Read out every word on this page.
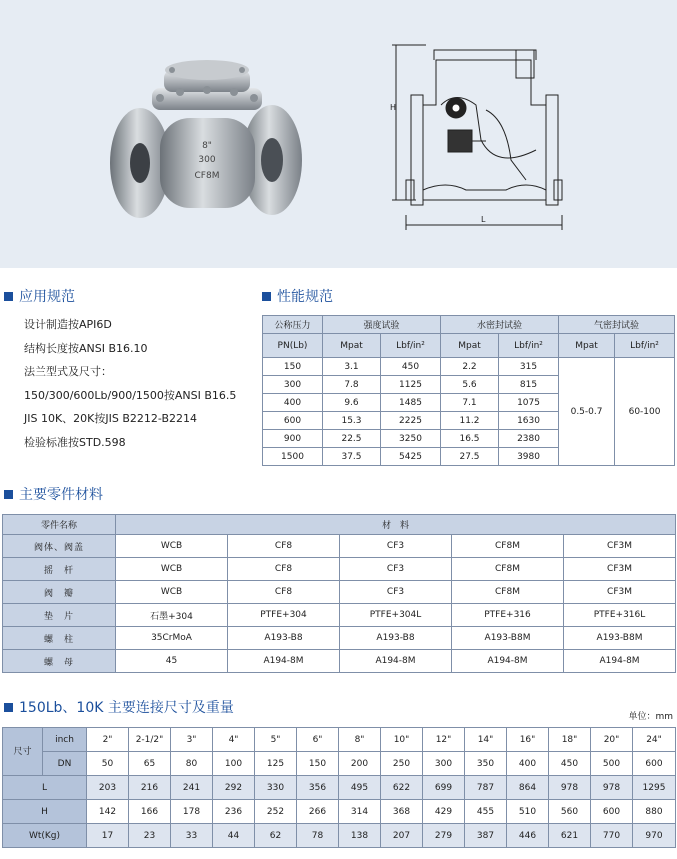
8"
300
CF8M
H
L
应用规范
设计制造按API6D
结构长度按ANSI B16.10
法兰型式及尺寸：
150/300/600Lb/900/1500按ANSI B16.5
JIS 10K、20K按JIS B2212-B2214
检验标准按STD.598
性能规范
公称压力	强度试验		水密封试验		气密封试验	
PN(Lb)	Mpat	Lbf/in²	Mpat	Lbf/in²	Mpat	Lbf/in²
150	3.1	450	2.2	315	0.5-0.7	60-100
300	7.8	1125	5.6	815		
400	9.6	1485	7.1	1075		
600	15.3	2225	11.2	1630		
900	22.5	3250	16.5	2380		
1500	37.5	5425	27.5	3980		
主要零件材料
零件名称	材　料				
阀体、阀盖	WCB	CF8	CF3	CF8M	CF3M
摇　杆	WCB	CF8	CF3	CF8M	CF3M
阀　瓣	WCB	CF8	CF3	CF8M	CF3M
垫　片	石墨+304	PTFE+304	PTFE+304L	PTFE+316	PTFE+316L
螺　柱	35CrMoA	A193-B8	A193-B8	A193-B8M	A193-B8M
螺　母	45	A194-8M	A194-8M	A194-8M	A194-8M
150Lb、10K 主要连接尺寸及重量
单位：mm
尺寸	inch	2"	2-1/2"	3"	4"	5"	6"	8"	10"	12"	14"	16"	18"	20"	24"
	DN	50	65	80	100	125	150	200	250	300	350	400	450	500	600
L		203	216	241	292	330	356	495	622	699	787	864	978	978	1295
H		142	166	178	236	252	266	314	368	429	455	510	560	600	880
Wt(Kg)		17	23	33	44	62	78	138	207	279	387	446	621	770	970
